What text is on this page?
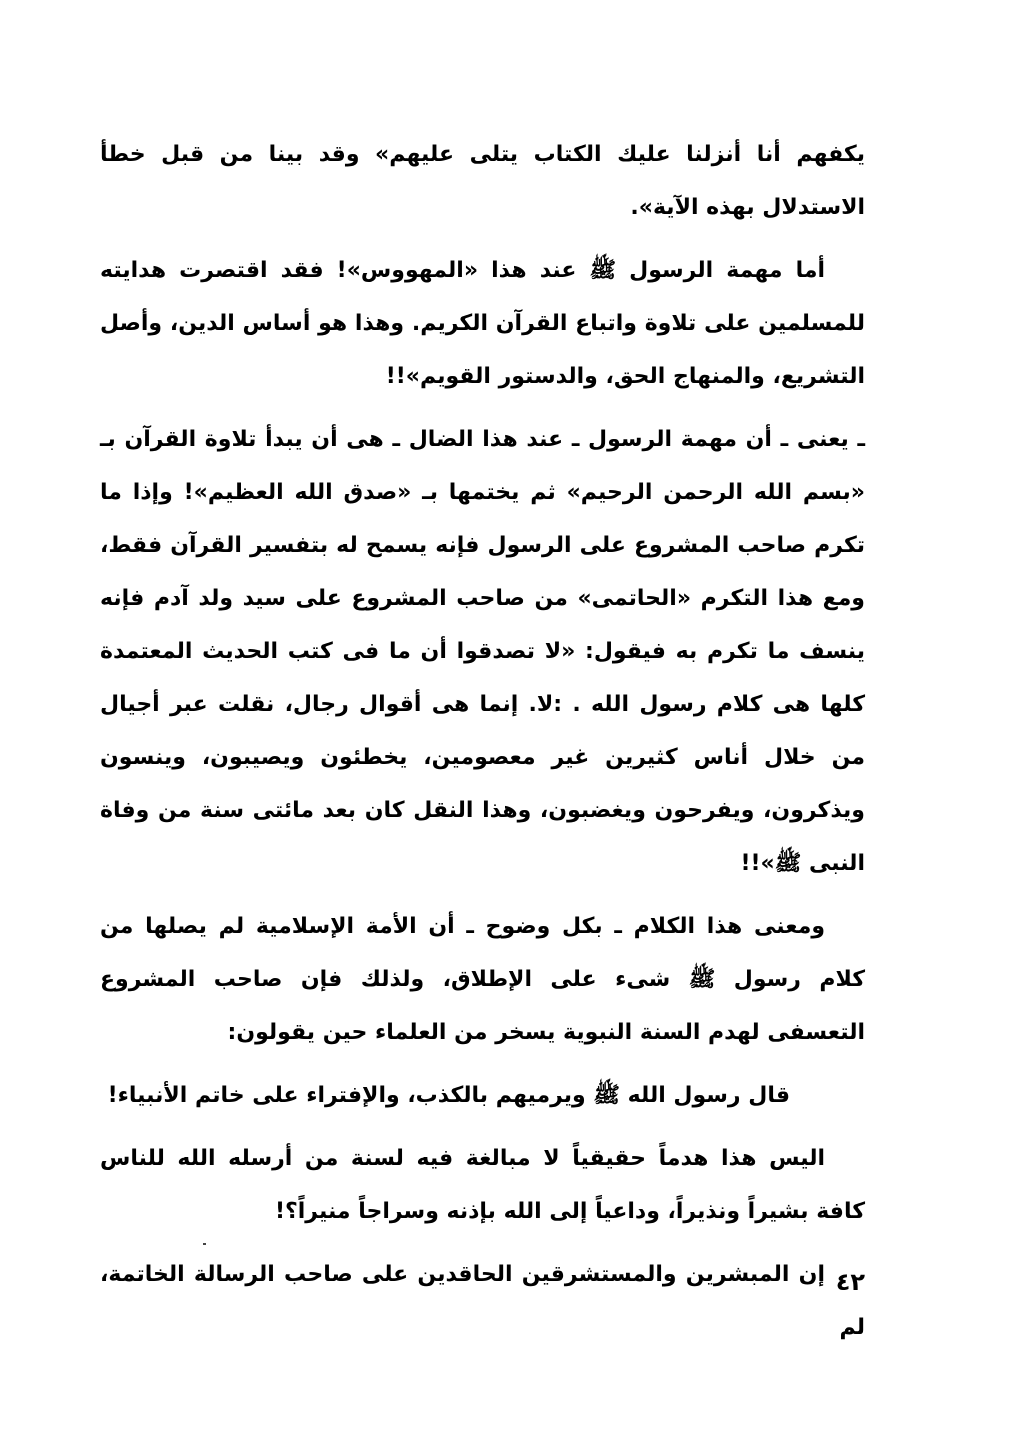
يكفهم أنا أنزلنا عليك الكتاب يتلى عليهم» وقد بينا من قبل خطأ الاستدلال بهذه الآية».

أما مهمة الرسول ﷺ عند هذا «المهووس»! فقد اقتصرت هدايته للمسلمين على تلاوة واتباع القرآن الكريم. وهذا هو أساس الدين، وأصل التشريع، والمنهاج الحق، والدستور القويم»!!

ـ يعنى ـ أن مهمة الرسول ـ عند هذا الضال ـ هى أن يبدأ تلاوة القرآن بـ «بسم الله الرحمن الرحيم» ثم يختمها بـ «صدق الله العظيم»! وإذا ما تكرم صاحب المشروع على الرسول فإنه يسمح له بتفسير القرآن فقط، ومع هذا التكرم «الحاتمى» من صاحب المشروع على سيد ولد آدم فإنه ينسف ما تكرم به فيقول: «لا تصدقوا أن ما فى كتب الحديث المعتمدة كلها هى كلام رسول الله . :لا. إنما هى أقوال رجال، نقلت عبر أجيال من خلال أناس كثيرين غير معصومين، يخطئون ويصيبون، وينسون ويذكرون، ويفرحون ويغضبون، وهذا النقل كان بعد مائتى سنة من وفاة النبى ﷺ»!!

ومعنى هذا الكلام ـ بكل وضوح ـ أن الأمة الإسلامية لم يصلها من كلام رسول ﷺ شىء على الإطلاق، ولذلك فإن صاحب المشروع التعسفى لهدم السنة النبوية يسخر من العلماء حين يقولون:

قال رسول الله ﷺ ويرميهم بالكذب، والإفتراء على خاتم الأنبياء!

اليس هذا هدماً حقيقياً لا مبالغة فيه لسنة من أرسله الله للناس كافة بشيراً ونذيراً، وداعياً إلى الله بإذنه وسراجاً منيراً؟!

إن المبشرين والمستشرقين الحاقدين على صاحب الرسالة الخاتمة، لم

٤٢
